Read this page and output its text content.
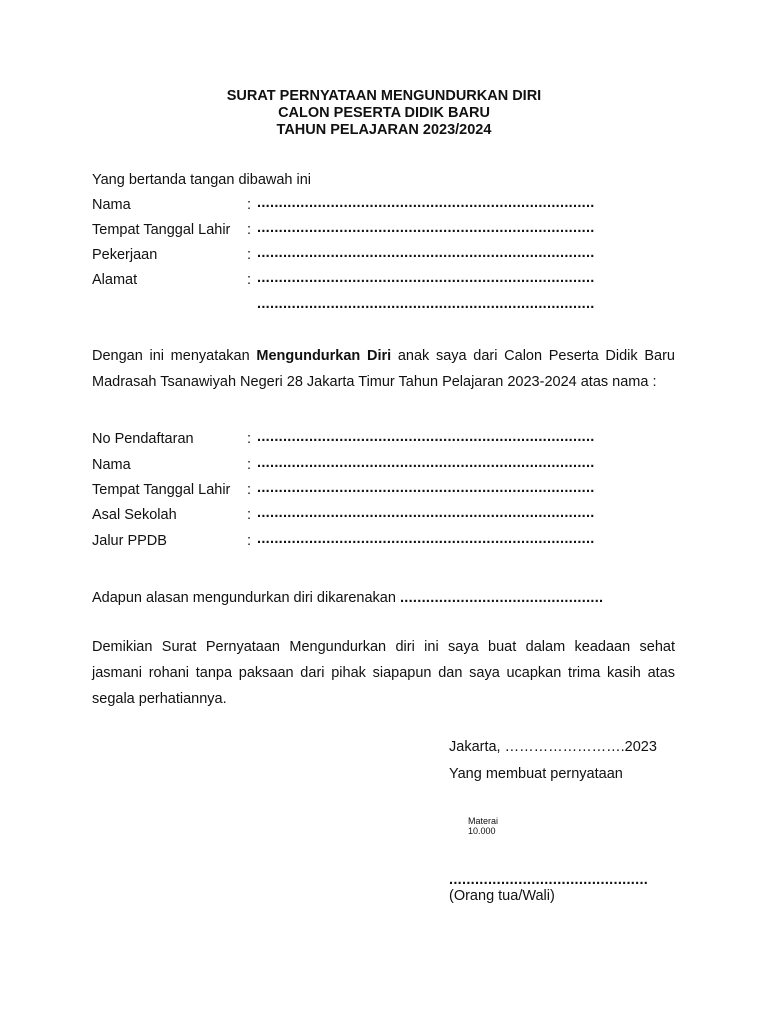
SURAT PERNYATAAN MENGUNDURKAN DIRI
CALON PESERTA DIDIK BARU
TAHUN PELAJARAN 2023/2024
Yang bertanda tangan dibawah ini
Nama	: ..............................................................................
Tempat Tanggal Lahir : ..............................................................................
Pekerjaan	: ..............................................................................
Alamat	: ..............................................................................
..............................................................................
Dengan ini menyatakan Mengundurkan Diri anak saya dari Calon Peserta Didik Baru Madrasah Tsanawiyah Negeri 28 Jakarta Timur Tahun Pelajaran 2023-2024 atas nama :
No Pendaftaran	: ..............................................................................
Nama	: ..............................................................................
Tempat Tanggal Lahir : ..............................................................................
Asal Sekolah	: ..............................................................................
Jalur PPDB	: ..............................................................................
Adapun alasan mengundurkan diri dikarenakan ...............................................
Demikian Surat Pernyataan Mengundurkan diri ini saya buat dalam keadaan sehat jasmani rohani tanpa paksaan dari pihak siapapun dan saya ucapkan trima kasih atas segala perhatiannya.
Jakarta, …………………….2023
Yang membuat pernyataan
Materai
10.000
..............................................
(Orang tua/Wali)
